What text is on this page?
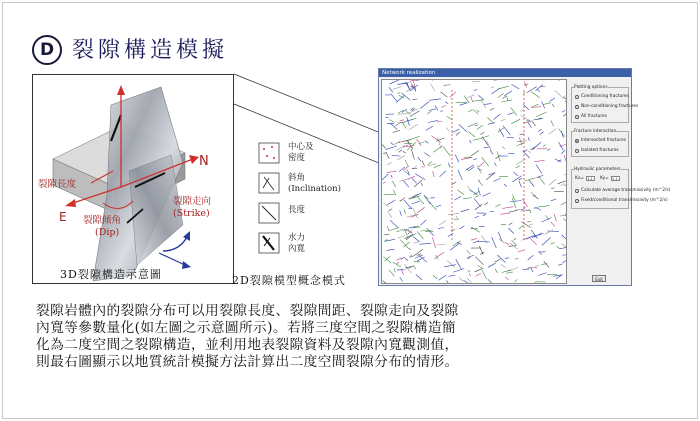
D 裂隙構造模擬
裂隙長度
裂隙傾角
(Dip)
裂隙走向
(Strike)
N
E
3D裂隙構造示意圖
中心及
密度
斜角
(Inclination)
長度
水力
內寬
2D裂隙模型概念模式
Network realization
Plotting options
Conditioning fractures
Non-conditioning fractures
All fractures
Fracture interaction
Intersected fractures
Isolated fractures
Hydraulic parameters
Kx= 1.1	Ky= 1.1
Calculate average transmissivity (m^2/s)
Fixed/conditional transmissivity (m^2/s)
Exit
裂隙岩體內的裂隙分布可以用裂隙長度、裂隙間距、裂隙走向及裂隙
內寬等參數量化(如左圖之示意圖所示)。若將三度空間之裂隙構造簡
化為二度空間之裂隙構造，並利用地表裂隙資料及裂隙內寬觀測值，
則最右圖顯示以地質統計模擬方法計算出二度空間裂隙分布的情形。
